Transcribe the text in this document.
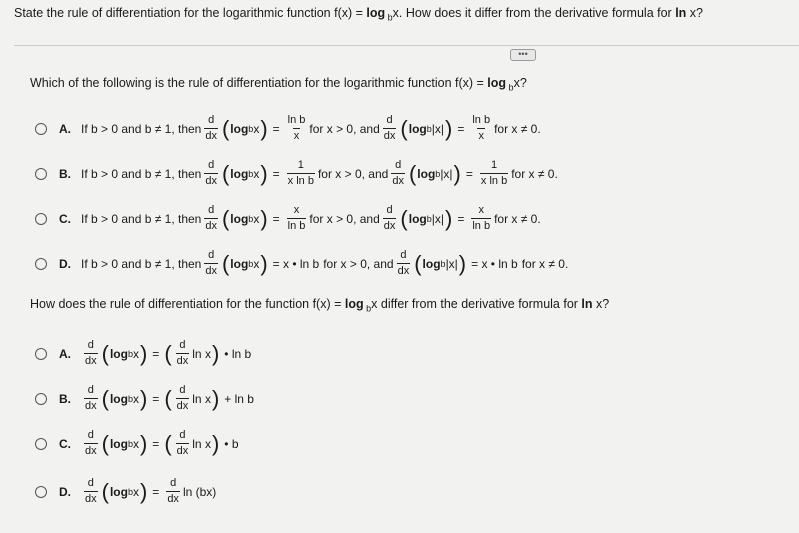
State the rule of differentiation for the logarithmic function f(x) = log $_b$x. How does it differ from the derivative formula for ln x?
•••
Which of the following is the rule of differentiation for the logarithmic function f(x) = log $_b$x?
A. If b > 0 and b ≠ 1, then $\frac{d}{dx}$ ( log b x ) = $\frac{\text{ln b}}{x}$ for x > 0, and $\frac{d}{dx}$ ( log b |x| ) = $\frac{\text{ln b}}{x}$ for x ≠ 0.
B. If b > 0 and b ≠ 1, then $\frac{d}{dx}$ ( log b x ) = $\frac{1}{\text{x ln b}}$ for x > 0, and $\frac{d}{dx}$ ( log b |x| ) = $\frac{1}{\text{x ln b}}$ for x ≠ 0.
C. If b > 0 and b ≠ 1, then $\frac{d}{dx}$ ( log b x ) = $\frac{x}{\text{ln b}}$ for x > 0, and $\frac{d}{dx}$ ( log b |x| ) = $\frac{x}{\text{ln b}}$ for x ≠ 0.
D. If b > 0 and b ≠ 1, then $\frac{d}{dx}$ ( log b x ) = x • ln b for x > 0, and $\frac{d}{dx}$ ( log b |x| ) = x • ln b for x ≠ 0.
How does the rule of differentiation for the function f(x) = log $_b$x differ from the derivative formula for ln x?
A. $\frac{d}{dx}$ ( log b x ) = ( $\frac{d}{dx}$ ln x ) • ln b
B. $\frac{d}{dx}$ ( log b x ) = ( $\frac{d}{dx}$ ln x ) + ln b
C. $\frac{d}{dx}$ ( log b x ) = ( $\frac{d}{dx}$ ln x ) • b
D. $\frac{d}{dx}$ ( log b x ) = $\frac{d}{dx}$ ln (bx)
